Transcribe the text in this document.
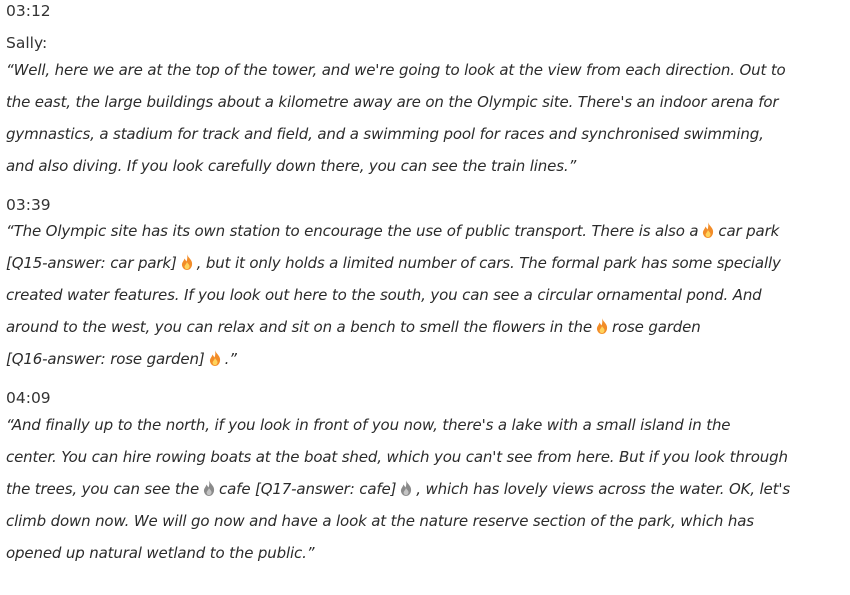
03:12
Sally:
“Well, here we are at the top of the tower, and we're going to look at the view from each direction. Out to
the east, the large buildings about a kilometre away are on the Olympic site. There's an indoor arena for
gymnastics, a stadium for track and field, and a swimming pool for races and synchronised swimming,
and also diving. If you look carefully down there, you can see the train lines.”
03:39
“The Olympic site has its own station to encourage the use of public transport. There is also a car park
[Q15-answer: car park] , but it only holds a limited number of cars. The formal park has some specially
created water features. If you look out here to the south, you can see a circular ornamental pond. And
around to the west, you can relax and sit on a bench to smell the flowers in the rose garden
[Q16-answer: rose garden] .”
04:09
“And finally up to the north, if you look in front of you now, there's a lake with a small island in the
center. You can hire rowing boats at the boat shed, which you can't see from here. But if you look through
the trees, you can see the cafe [Q17-answer: cafe] , which has lovely views across the water. OK, let's
climb down now. We will go now and have a look at the nature reserve section of the park, which has
opened up natural wetland to the public.”
